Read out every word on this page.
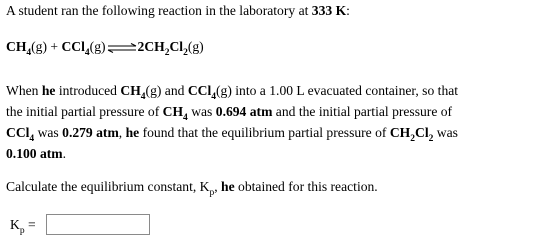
A student ran the following reaction in the laboratory at 333 K:
$CH_4(g)$ + $CCl_4(g)\rightleftharpoons 2CH_2Cl_2(g)$
When he introduced $CH_4(g)$ and CCl$_4$(g) into a 1.00 L evacuated container, so that
the initial partial pressure of $CH_4$ was 0.694 atm and the initial partial pressure of
CCl$_4$ was 0.279 atm, he found that the equilibrium partial pressure of $CH_2Cl_2$ was
0.100 atm.
Calculate the equilibrium constant, $K_p$, he obtained for this reaction.
$K_p$ =
